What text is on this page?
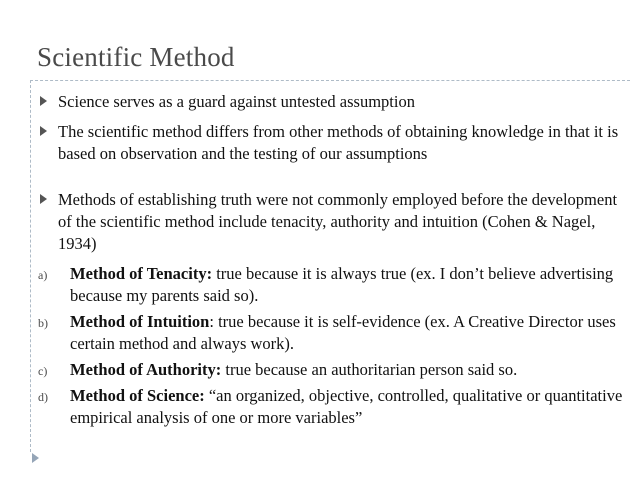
Scientific Method
Science serves as a guard against untested assumption
The scientific method differs from other methods of obtaining knowledge in that it is based on observation and the testing of our assumptions
Methods of establishing truth were not commonly employed before the development of the scientific method include tenacity, authority and intuition (Cohen & Nagel, 1934)
a) Method of Tenacity: true because it is always true (ex. I don’t believe advertising because my parents said so).
b) Method of Intuition: true because it is self-evidence (ex. A Creative Director uses certain method and always work).
c) Method of Authority: true because an authoritarian person said so.
d) Method of Science: “an organized, objective, controlled, qualitative or quantitative empirical analysis of one or more variables”
